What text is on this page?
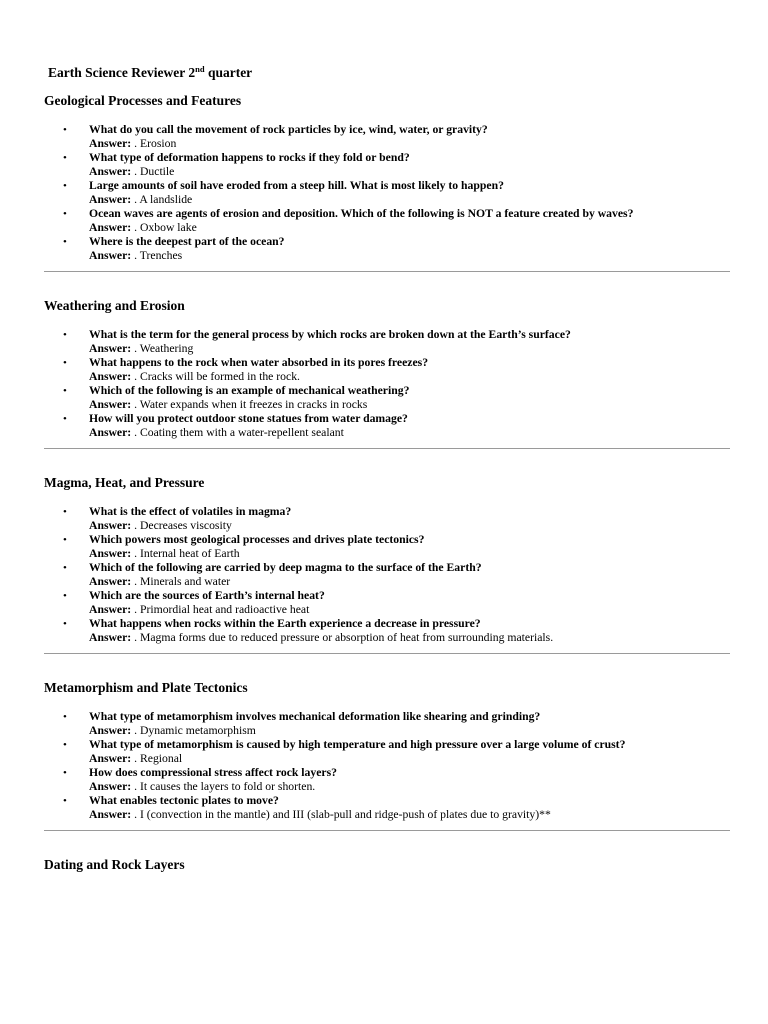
Earth Science Reviewer 2nd quarter

Geological Processes and Features
• What do you call the movement of rock particles by ice, wind, water, or gravity?
Answer: . Erosion
• What type of deformation happens to rocks if they fold or bend?
Answer: . Ductile
• Large amounts of soil have eroded from a steep hill. What is most likely to happen?
Answer: . A landslide
• Ocean waves are agents of erosion and deposition. Which of the following is NOT a feature created by waves?
Answer: . Oxbow lake
• Where is the deepest part of the ocean?
Answer: . Trenches
Weathering and Erosion
• What is the term for the general process by which rocks are broken down at the Earth’s surface?
Answer: . Weathering
• What happens to the rock when water absorbed in its pores freezes?
Answer: . Cracks will be formed in the rock.
• Which of the following is an example of mechanical weathering?
Answer: . Water expands when it freezes in cracks in rocks
• How will you protect outdoor stone statues from water damage?
Answer: . Coating them with a water-repellent sealant
Magma, Heat, and Pressure
• What is the effect of volatiles in magma?
Answer: . Decreases viscosity
• Which powers most geological processes and drives plate tectonics?
Answer: . Internal heat of Earth
• Which of the following are carried by deep magma to the surface of the Earth?
Answer: . Minerals and water
• Which are the sources of Earth’s internal heat?
Answer: . Primordial heat and radioactive heat
• What happens when rocks within the Earth experience a decrease in pressure?
Answer: . Magma forms due to reduced pressure or absorption of heat from surrounding materials.
Metamorphism and Plate Tectonics
• What type of metamorphism involves mechanical deformation like shearing and grinding?
Answer: . Dynamic metamorphism
• What type of metamorphism is caused by high temperature and high pressure over a large volume of crust?
Answer: . Regional
• How does compressional stress affect rock layers?
Answer: . It causes the layers to fold or shorten.
• What enables tectonic plates to move?
Answer: . I (convection in the mantle) and III (slab-pull and ridge-push of plates due to gravity)**
Dating and Rock Layers
